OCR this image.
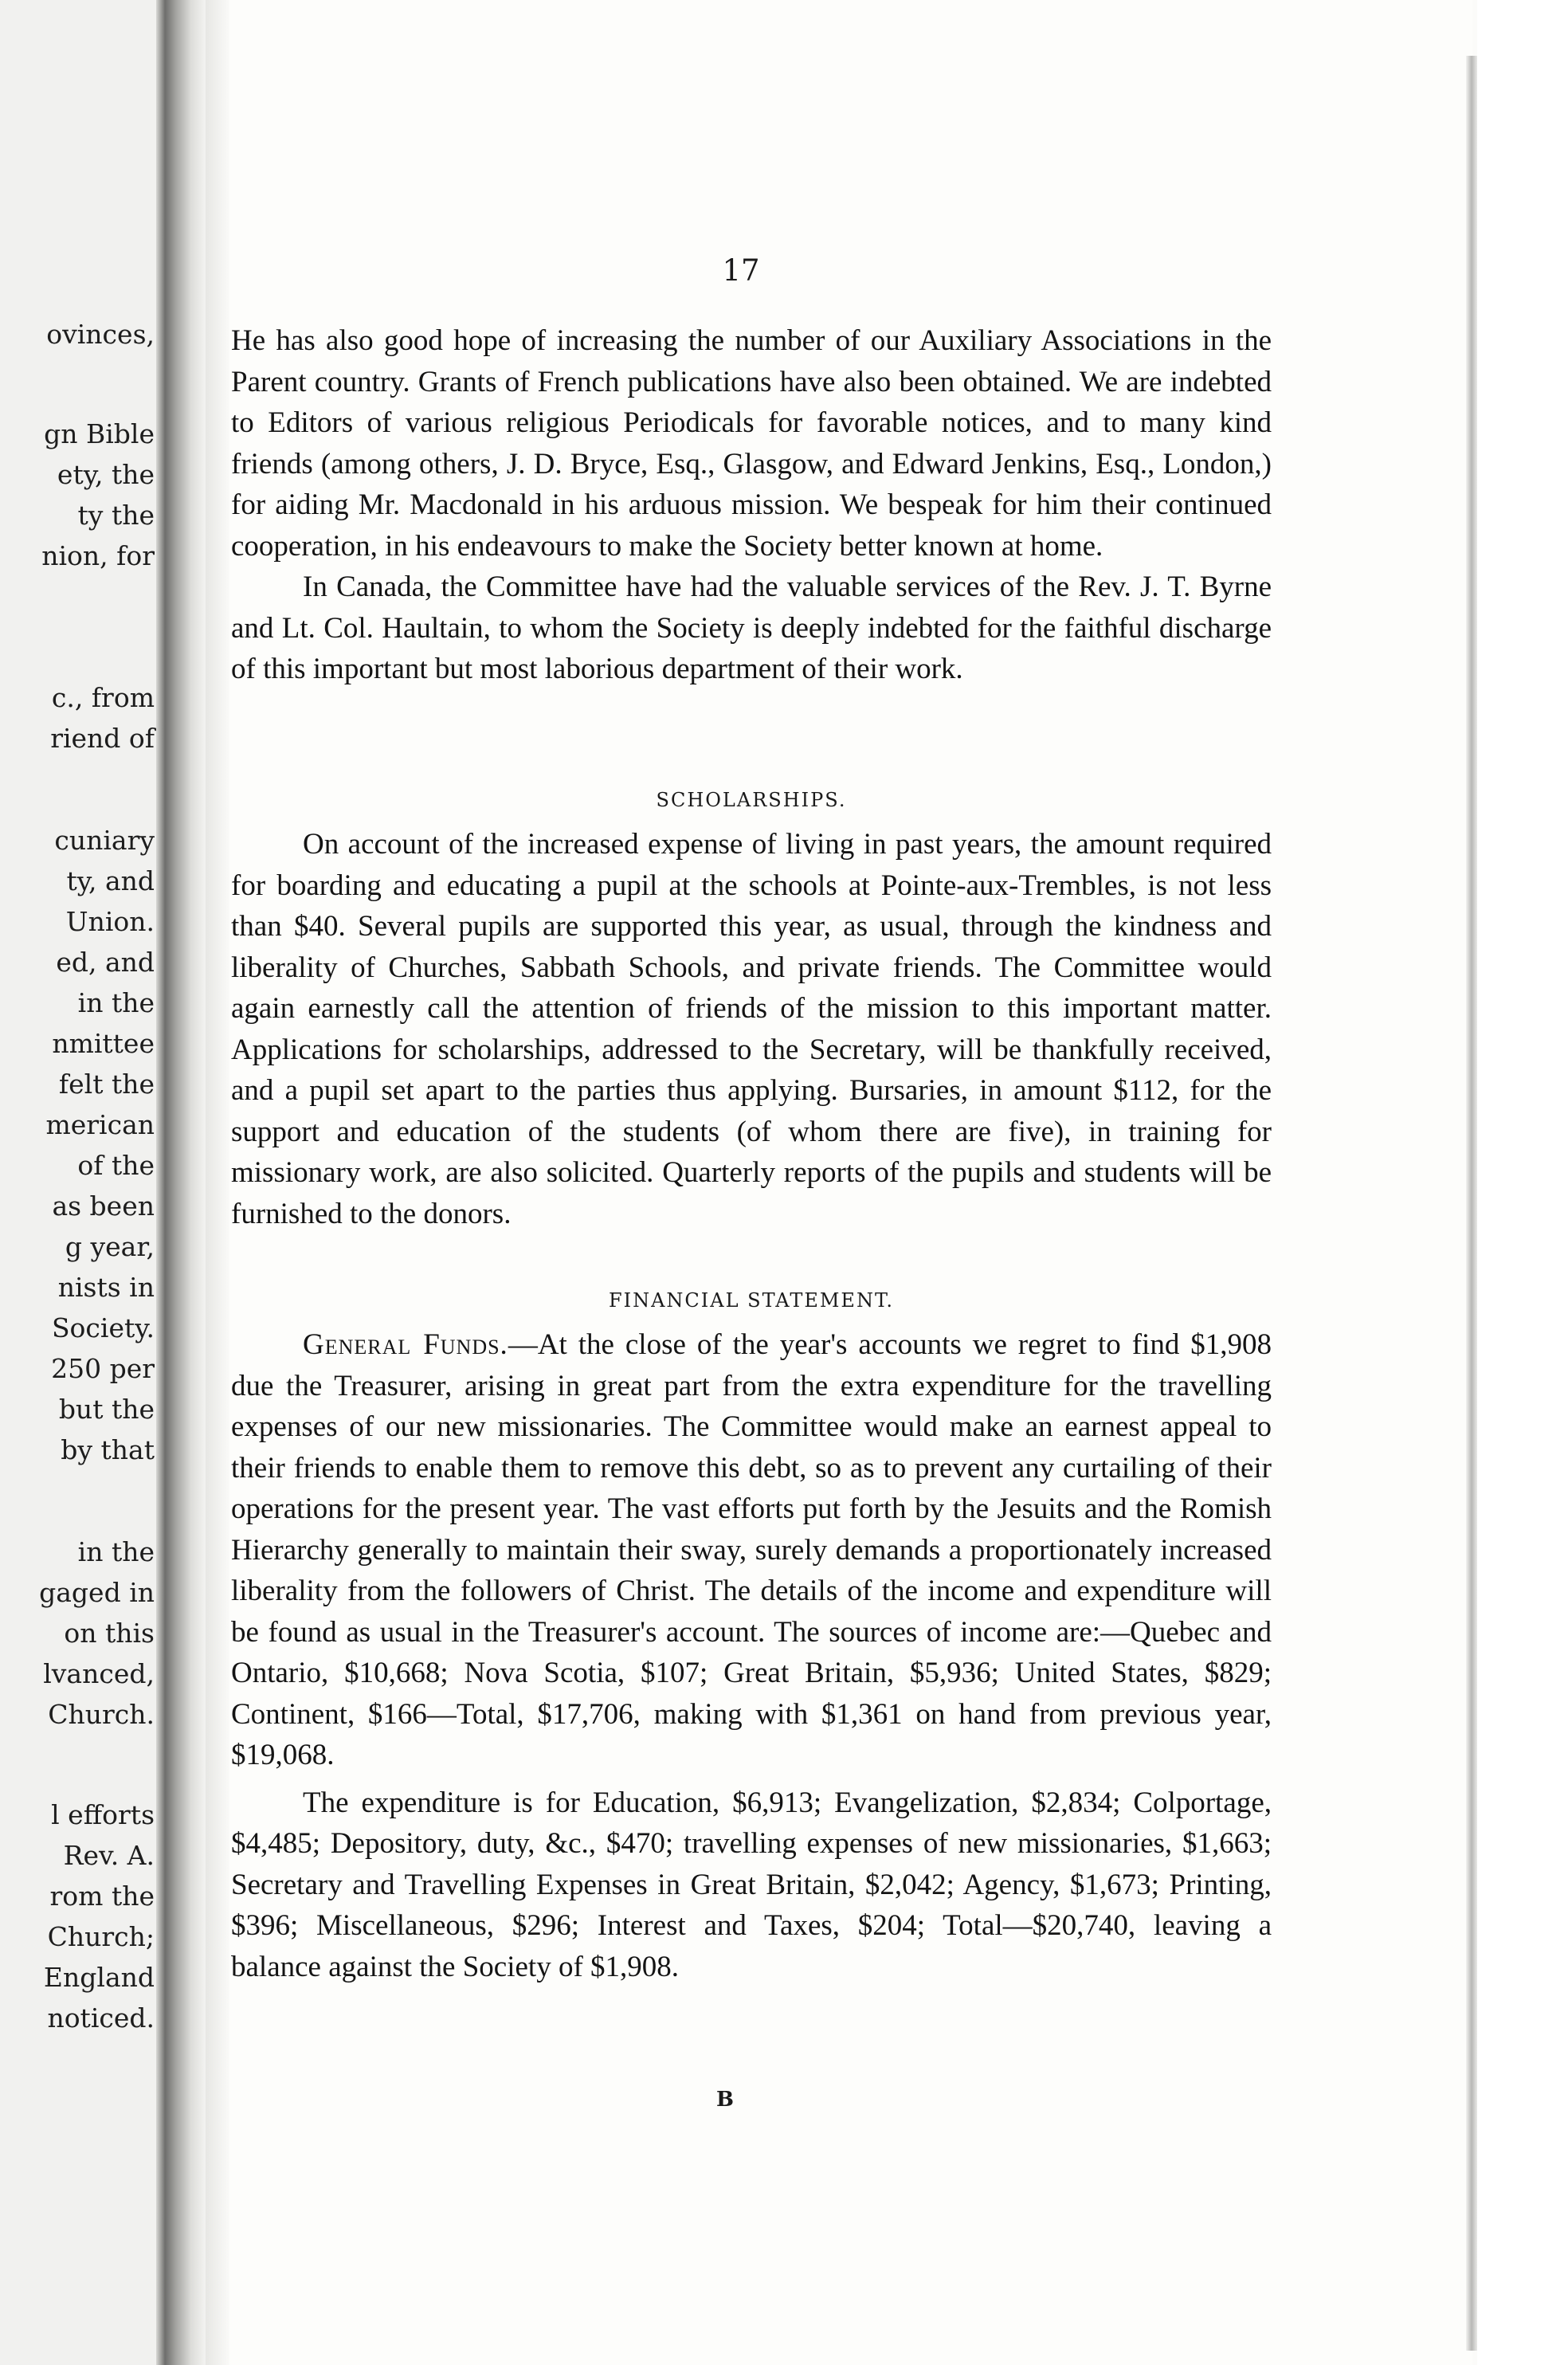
ovinces,
gn Bible
ety, the
ty the
nion, for
c., from
riend of
cuniary
ty, and
Union.
ed, and
in the
nmittee
felt the
merican
of the
as been
g year,
nists in
Society.
250 per
but the
by that
in the
gaged in
on this
lvanced,
Church.
l efforts
Rev. A.
rom the
Church;
England
noticed.
17

He has also good hope of increasing the number of our Auxiliary Associations in the Parent country. Grants of French publications have also been obtained. We are indebted to Editors of various religious Periodicals for favorable notices, and to many kind friends (among others, J. D. Bryce, Esq., Glasgow, and Edward Jenkins, Esq., London,) for aiding Mr. Macdonald in his arduous mission. We bespeak for him their continued cooperation, in his endeavours to make the Society better known at home.

In Canada, the Committee have had the valuable services of the Rev. J. T. Byrne and Lt. Col. Haultain, to whom the Society is deeply indebted for the faithful discharge of this important but most laborious department of their work.

SCHOLARSHIPS.

On account of the increased expense of living in past years, the amount required for boarding and educating a pupil at the schools at Pointe-aux-Trembles, is not less than $40. Several pupils are supported this year, as usual, through the kindness and liberality of Churches, Sabbath Schools, and private friends. The Committee would again earnestly call the attention of friends of the mission to this important matter. Applications for scholarships, addressed to the Secretary, will be thankfully received, and a pupil set apart to the parties thus applying. Bursaries, in amount $112, for the support and education of the students (of whom there are five), in training for missionary work, are also solicited. Quarterly reports of the pupils and students will be furnished to the donors.

FINANCIAL STATEMENT.

General Funds.—At the close of the year's accounts we regret to find $1,908 due the Treasurer, arising in great part from the extra expenditure for the travelling expenses of our new missionaries. The Committee would make an earnest appeal to their friends to enable them to remove this debt, so as to prevent any curtailing of their operations for the present year. The vast efforts put forth by the Jesuits and the Romish Hierarchy generally to maintain their sway, surely demands a proportionately increased liberality from the followers of Christ. The details of the income and expenditure will be found as usual in the Treasurer's account. The sources of income are:—Quebec and Ontario, $10,668; Nova Scotia, $107; Great Britain, $5,936; United States, $829; Continent, $166—Total, $17,706, making with $1,361 on hand from previous year, $19,068.

The expenditure is for Education, $6,913; Evangelization, $2,834; Colportage, $4,485; Depository, duty, &c., $470; travelling expenses of new missionaries, $1,663; Secretary and Travelling Expenses in Great Britain, $2,042; Agency, $1,673; Printing, $396; Miscellaneous, $296; Interest and Taxes, $204; Total—$20,740, leaving a balance against the Society of $1,908.

B
